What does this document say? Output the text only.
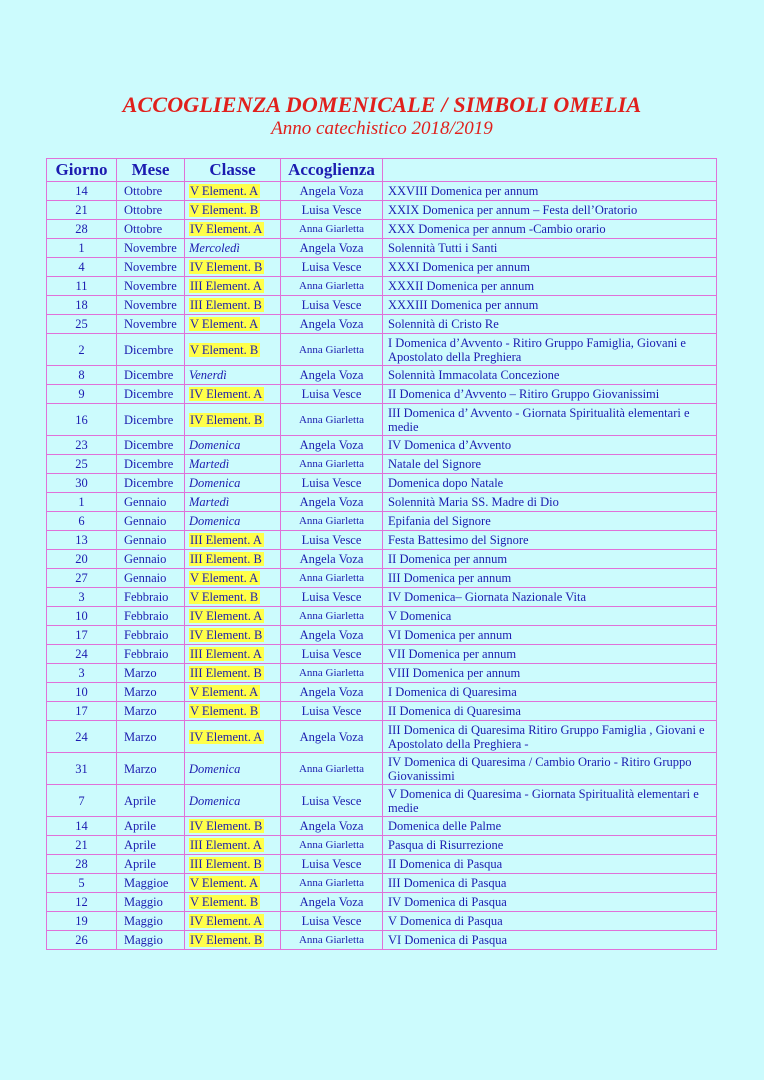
ACCOGLIENZA DOMENICALE / SIMBOLI OMELIA
Anno catechistico 2018/2019
Giorno	Mese	Classe	Accoglienza	
14	Ottobre	V Element. A	Angela Voza	XXVIII Domenica per annum
21	Ottobre	V Element. B	Luisa Vesce	XXIX Domenica per annum – Festa dell’Oratorio
28	Ottobre	IV Element. A	Anna Giarletta	XXX Domenica per annum -Cambio orario
1	Novembre	Mercoledì	Angela Voza	Solennità Tutti i Santi
4	Novembre	IV Element. B	Luisa Vesce	XXXI Domenica per annum
11	Novembre	III Element. A	Anna Giarletta	XXXII Domenica per annum
18	Novembre	III Element. B	Luisa Vesce	XXXIII Domenica per annum
25	Novembre	V Element. A	Angela Voza	Solennità di Cristo Re
2	Dicembre	V Element. B	Anna Giarletta	I Domenica d’Avvento - Ritiro Gruppo Famiglia, Giovani e Apostolato della Preghiera
8	Dicembre	Venerdì	Angela Voza	Solennità Immacolata Concezione
9	Dicembre	IV Element. A	Luisa Vesce	II Domenica d’Avvento – Ritiro Gruppo Giovanissimi
16	Dicembre	IV Element. B	Anna Giarletta	III Domenica d’ Avvento - Giornata Spiritualità elementari e medie
23	Dicembre	Domenica	Angela Voza	IV Domenica d’Avvento
25	Dicembre	Martedì	Anna Giarletta	Natale del Signore
30	Dicembre	Domenica	Luisa Vesce	Domenica dopo Natale
1	Gennaio	Martedì	Angela Voza	Solennità Maria SS. Madre di Dio
6	Gennaio	Domenica	Anna Giarletta	Epifania del Signore
13	Gennaio	III Element. A	Luisa Vesce	Festa Battesimo del Signore
20	Gennaio	III Element. B	Angela Voza	II Domenica per annum
27	Gennaio	V Element. A	Anna Giarletta	III Domenica per annum
3	Febbraio	V Element. B	Luisa Vesce	IV Domenica– Giornata Nazionale Vita
10	Febbraio	IV Element. A	Anna Giarletta	V Domenica
17	Febbraio	IV Element. B	Angela Voza	VI Domenica per annum
24	Febbraio	III Element. A	Luisa Vesce	VII Domenica per annum
3	Marzo	III Element. B	Anna Giarletta	VIII Domenica per annum
10	Marzo	V Element. A	Angela Voza	I Domenica di Quaresima
17	Marzo	V Element. B	Luisa Vesce	II Domenica di Quaresima
24	Marzo	IV Element. A	Angela Voza	III Domenica di Quaresima Ritiro Gruppo Famiglia , Giovani e Apostolato della Preghiera -
31	Marzo	Domenica	Anna Giarletta	IV Domenica di Quaresima / Cambio Orario - Ritiro Gruppo Giovanissimi
7	Aprile	Domenica	Luisa Vesce	V Domenica di Quaresima - Giornata Spiritualità elementari e medie
14	Aprile	IV Element. B	Angela Voza	Domenica delle Palme
21	Aprile	III Element. A	Anna Giarletta	Pasqua di Risurrezione
28	Aprile	III Element. B	Luisa Vesce	II Domenica di Pasqua
5	Maggioe	V Element. A	Anna Giarletta	III Domenica di Pasqua
12	Maggio	V Element. B	Angela Voza	IV Domenica di Pasqua
19	Maggio	IV Element. A	Luisa Vesce	V Domenica di Pasqua
26	Maggio	IV Element. B	Anna Giarletta	VI Domenica di Pasqua
